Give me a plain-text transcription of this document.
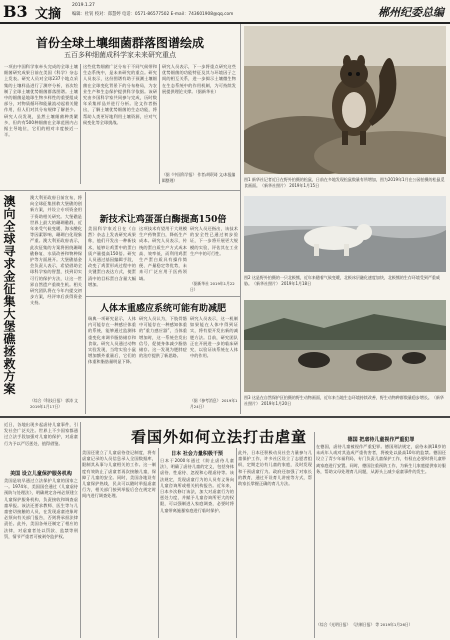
B3 文摘
2019.1.27
编辑：杜钊 校对：郑慧婷 电话：0571-86577502 E-mail：743601908@qq.com	郴州纪委总编
首份全球土壤细菌群落图谱绘成
五百多种细菌成科学家未来研究重点
一项由中国科学家牵头完成的全球土壤细菌研究成果日前在美国《科学》杂志上发表。研究人员对全球237个地点采集的土壤样品进行了测序分析，首次绘制了全球土壤优势细菌群落图谱。土壤中的细菌是地球生物多样性的重要组成部分，对物质循环和能量流动起着关键作用，但人们对其分布规律了解甚少。研究人员发现，虽然土壤细菌种类繁多，但约有500种细菌在全球范围内占据主导地位，它们的相对丰度接近一半。
这些优势细菌广泛分布于不同气候带和生态系统中，是未来研究的重点。研究人员表示，这份图谱有助于预测土壤细菌在全球变化背景下的分布格局，为农业生产和生态保护提供科学依据。该研究由多国科学家共同参与完成，历时数年采集样品并进行分析。论文作者指出，了解土壤优势细菌的生态功能，将帮助人类更好地利用土壤资源，应对气候变化等全球挑战。
研究人员表示，下一步将重点研究这些优势细菌的功能特征及其与环境因子之间的相互关系，进一步揭示土壤微生物在生态系统中的作用机制，为可持续发展提供理论支撑。（据新华社）
（据《中国科学报》 作者/胡珉琦 文/本报编辑整理）	图1 新华社记者近日在野外拍摄的松鼠，日前在多地发现松鼠数量有所增加，图为2019年1月在公园拍摄的松鼠觅食画面。（新华社照片） 2019年1月15日
澳向全球寻求金征集大堡礁拯救方案	澳大利亚政府日前宣布，将向全球征集拯救大堡礁的创新方案，并设立专项资金用于资助相关研究。大堡礁是世界上最大的珊瑚礁群，近年来受气候变暖、海水酸化等因素影响，珊瑚白化现象严重。澳大利亚政府表示，此次征集的方案将围绕珊瑚礁修复、水质改善和物种保护等方面展开。大堡礁基金会负责人表示，希望借助全球科学家的智慧，找到切实可行的保护方法，让这一世界自然遗产重焕生机。相关研究团队将在今年内提交初步方案，经评审后获得资金支持。
（综合《科技日报》 郭涛 文 2019年1月17日）
新技术让鸡蛋蛋白酶提高150倍
美国科学家近日在《自然》杂志上发表研究成果称，他们开发出一种新技术，能够让鸡蛋中的蛋白质产量提高150倍。研究人员通过基因编辑手段，改变了鸡蛋形成过程中的关键蛋白表达方式，使蛋清中的目标蛋白含量大幅增加。
这项技术有望用于大规模生产药物蛋白，降低生产成本。研究人员表示，传统的蛋白质生产方式成本高、效率低，而利用鸡蛋生产蛋白质具有操作简便、产量稳定等优势，未来可广泛应用于医药领域。
研究人员还指出，该技术的安全性已通过初步验证，下一步将开展更大规模的实验，评估其在工业生产中的可行性。
（据新华社 2019年1月22日）
人体本重感应系统可能有助减肥
瑞典一项研究显示，人体内可能存在一种感应体重的系统，能够通过监测体重变化来调节脂肪储存和食欲。研究人员通过动物实验发现，当给实验小鼠增加额外重量后，它们的体重和脂肪量明显下降。
研究人员认为，下肢骨骼中可能存在一种感知体重的“重力感应器”，当体重增加时，这一系统会发出信号，促使身体减少脂肪储存。这一发现为肥胖症的治疗提供了新思路。
研究人员表示，这一机制如果能在人体中得到证实，将有望开发出新的减肥方法。目前，研究团队正在开展进一步的临床研究，以验证该系统在人体中的作用。
（据《参考消息》 2019年1月24日）
图2 这是野外拍摄的一只北极熊，近年来随着气候变暖，北极冰层融化速度加快，北极熊的生存环境受到严重威胁。（新华社照片） 2019年1月18日
图3 这是在自然保护区拍摄的野生动物画面，近年来当地生态环境持续改善，野生动物种群数量稳步增长。（新华社照片） 2019年1月20日
近日，各地出现多起虐待儿童事件，引发社会广泛关注。世界上不少国家都通过立法手段加强对儿童的保护，对虐童行为予以严厉惩处，值得借鉴。	看国外如何立法打击虐童
美国 设立儿童保护服务机构
美国是较早通过立法保护儿童的国家之一。1974年，美国国会通过《儿童虐待预防与处理法》，明确规定各州必须建立儿童保护服务机构，负责接收和调查虐童举报。该法还要求教师、医生等与儿童密切接触的人员，在发现虐童迹象时必须向有关部门报告，否则将承担法律责任。此外，美国各州还制定了相应的法律，对虐童者处以罚款、监禁等刑罚，情节严重者可被剥夺监护权。
美国还建立了儿童虐待登记制度，将有虐童记录的人员信息录入全国数据库，限制其从事与儿童相关的工作。这一制度有效防止了虐童者再次接触儿童，保障了儿童的安全。同时，美国各地设有儿童保护热线，民众可以随时举报虐童行为，相关部门接到举报后会在规定时间内进行调查处理。
日本 社会力量积极干预
日本于2000年通过《防止虐待儿童法》，明确了虐待儿童的定义，包括身体虐待、性虐待、忽视和心理虐待等。该法规定，发现虐童行为的人员有义务向儿童咨询所或相关机构报告。近年来，日本多次修订该法，加大对虐童行为的惩处力度，并赋予儿童咨询所更大的权限，可以强制进入家庭调查，必要时将儿童带离施暴家庭进行临时保护。
此外，日本还积极动员社会力量参与儿童保护工作，许多社区设立了志愿者组织，定期走访有儿童的家庭，及时发现和干预虐童行为。政府还加强了对家长的教育，通过开设育儿讲座等方式，帮助家长掌握正确的育儿方法。
德国 把虐待儿童视作严重犯罪
在德国，虐待儿童被视作严重犯罪。德国刑法规定，虐待未满18岁的未成年人或对其造成严重伤害者，将被处以最高10年的监禁。德国还设立了青少年福利局，专门负责儿童保护工作，有权在必要时将儿童带离家庭进行安置。同时，德国注重预防工作，为新生儿家庭提供家访服务，帮助父母处理育儿问题，从源头上减少虐童事件的发生。
（综合《光明日报》 《法制日报》 等 2019年1月26日）
